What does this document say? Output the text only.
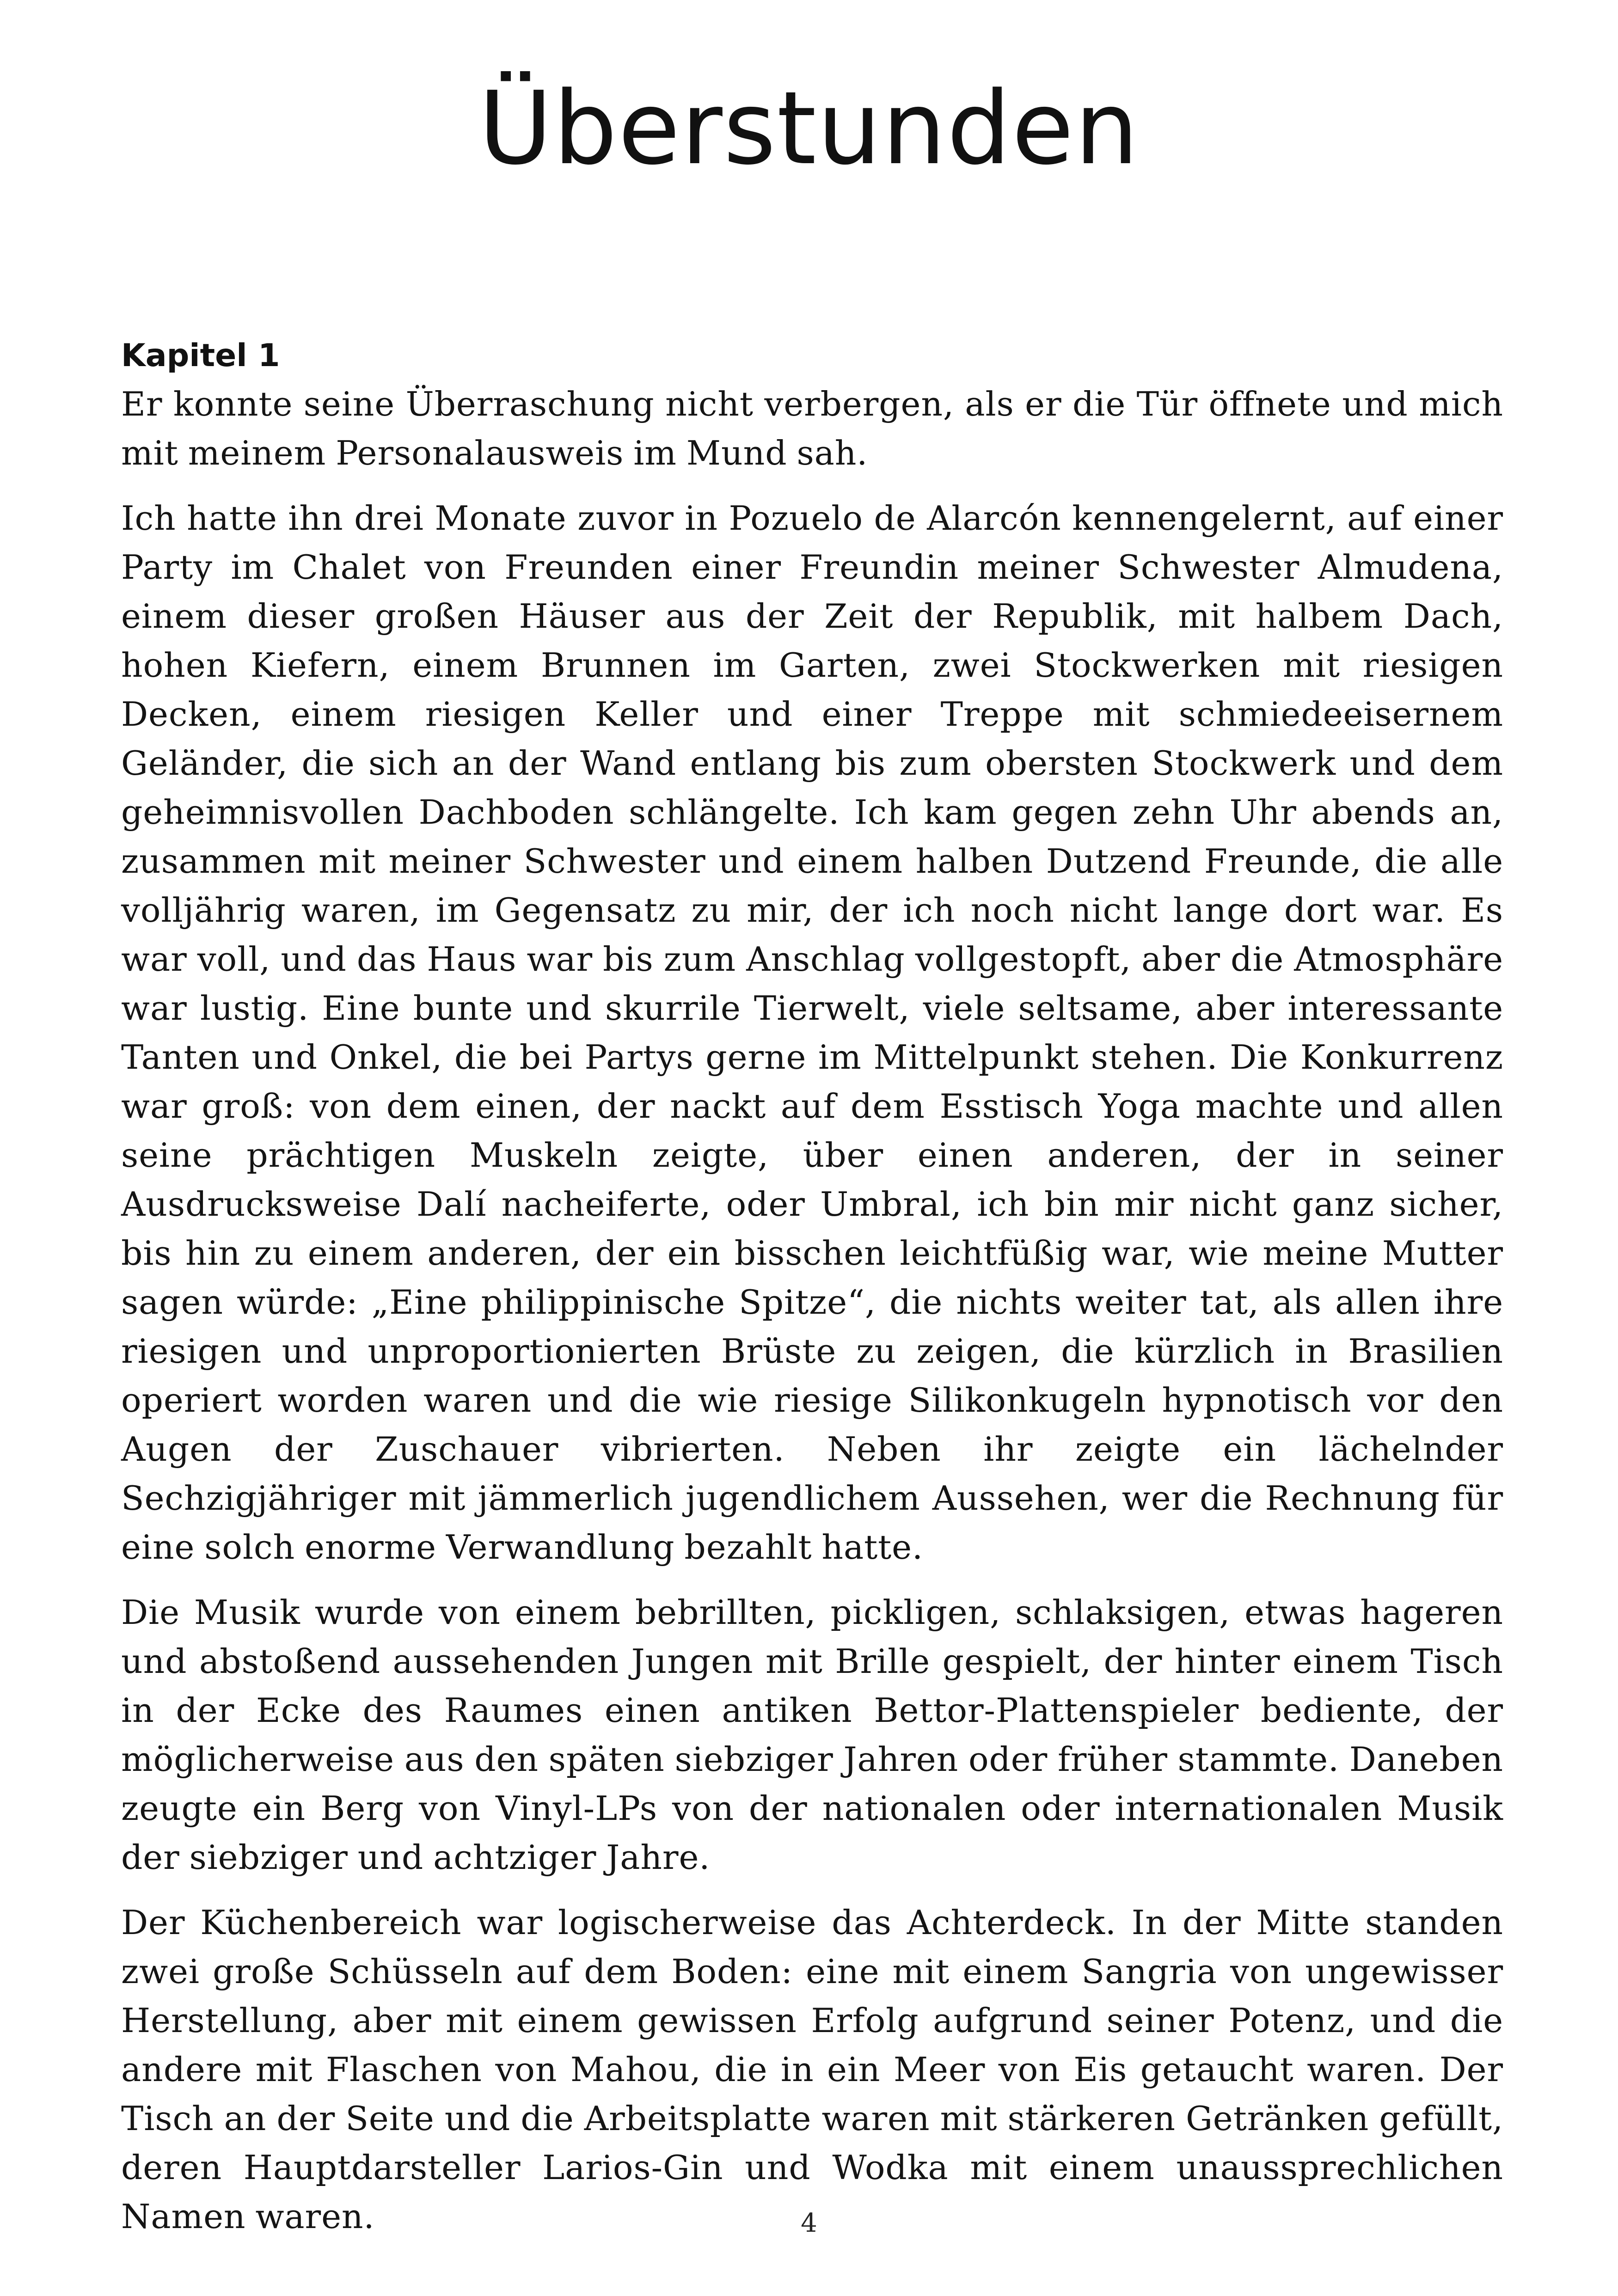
Überstunden
Kapitel 1

Er konnte seine Überraschung nicht verbergen, als er die Tür öffnete und mich mit meinem Personalausweis im Mund sah.

Ich hatte ihn drei Monate zuvor in Pozuelo de Alarcón kennengelernt, auf einer Party im Chalet von Freunden einer Freundin meiner Schwester Almudena, einem dieser großen Häuser aus der Zeit der Republik, mit halbem Dach, hohen Kiefern, einem Brunnen im Garten, zwei Stockwerken mit riesigen Decken, einem riesigen Keller und einer Treppe mit schmiedeeisernem Geländer, die sich an der Wand entlang bis zum obersten Stockwerk und dem geheimnisvollen Dachboden schlängelte. Ich kam gegen zehn Uhr abends an, zusammen mit meiner Schwester und einem halben Dutzend Freunde, die alle volljährig waren, im Gegensatz zu mir, der ich noch nicht lange dort war. Es war voll, und das Haus war bis zum Anschlag vollgestopft, aber die Atmosphäre war lustig. Eine bunte und skurrile Tierwelt, viele seltsame, aber interessante Tanten und Onkel, die bei Partys gerne im Mittelpunkt stehen. Die Konkurrenz war groß: von dem einen, der nackt auf dem Esstisch Yoga machte und allen seine prächtigen Muskeln zeigte, über einen anderen, der in seiner Ausdrucksweise Dalí nacheiferte, oder Umbral, ich bin mir nicht ganz sicher, bis hin zu einem anderen, der ein bisschen leichtfüßig war, wie meine Mutter sagen würde: „Eine philippinische Spitze“, die nichts weiter tat, als allen ihre riesigen und unproportionierten Brüste zu zeigen, die kürzlich in Brasilien operiert worden waren und die wie riesige Silikonkugeln hypnotisch vor den Augen der Zuschauer vibrierten. Neben ihr zeigte ein lächelnder Sechzigjähriger mit jämmerlich jugendlichem Aussehen, wer die Rechnung für eine solch enorme Verwandlung bezahlt hatte.

Die Musik wurde von einem bebrillten, pickligen, schlaksigen, etwas hageren und abstoßend aussehenden Jungen mit Brille gespielt, der hinter einem Tisch in der Ecke des Raumes einen antiken Bettor-Plattenspieler bediente, der möglicherweise aus den späten siebziger Jahren oder früher stammte. Daneben zeugte ein Berg von Vinyl-LPs von der nationalen oder internationalen Musik der siebziger und achtziger Jahre.

Der Küchenbereich war logischerweise das Achterdeck. In der Mitte standen zwei große Schüsseln auf dem Boden: eine mit einem Sangria von ungewisser Herstellung, aber mit einem gewissen Erfolg aufgrund seiner Potenz, und die andere mit Flaschen von Mahou, die in ein Meer von Eis getaucht waren. Der Tisch an der Seite und die Arbeitsplatte waren mit stärkeren Getränken gefüllt, deren Hauptdarsteller Larios-Gin und Wodka mit einem unaussprechlichen Namen waren.	4
